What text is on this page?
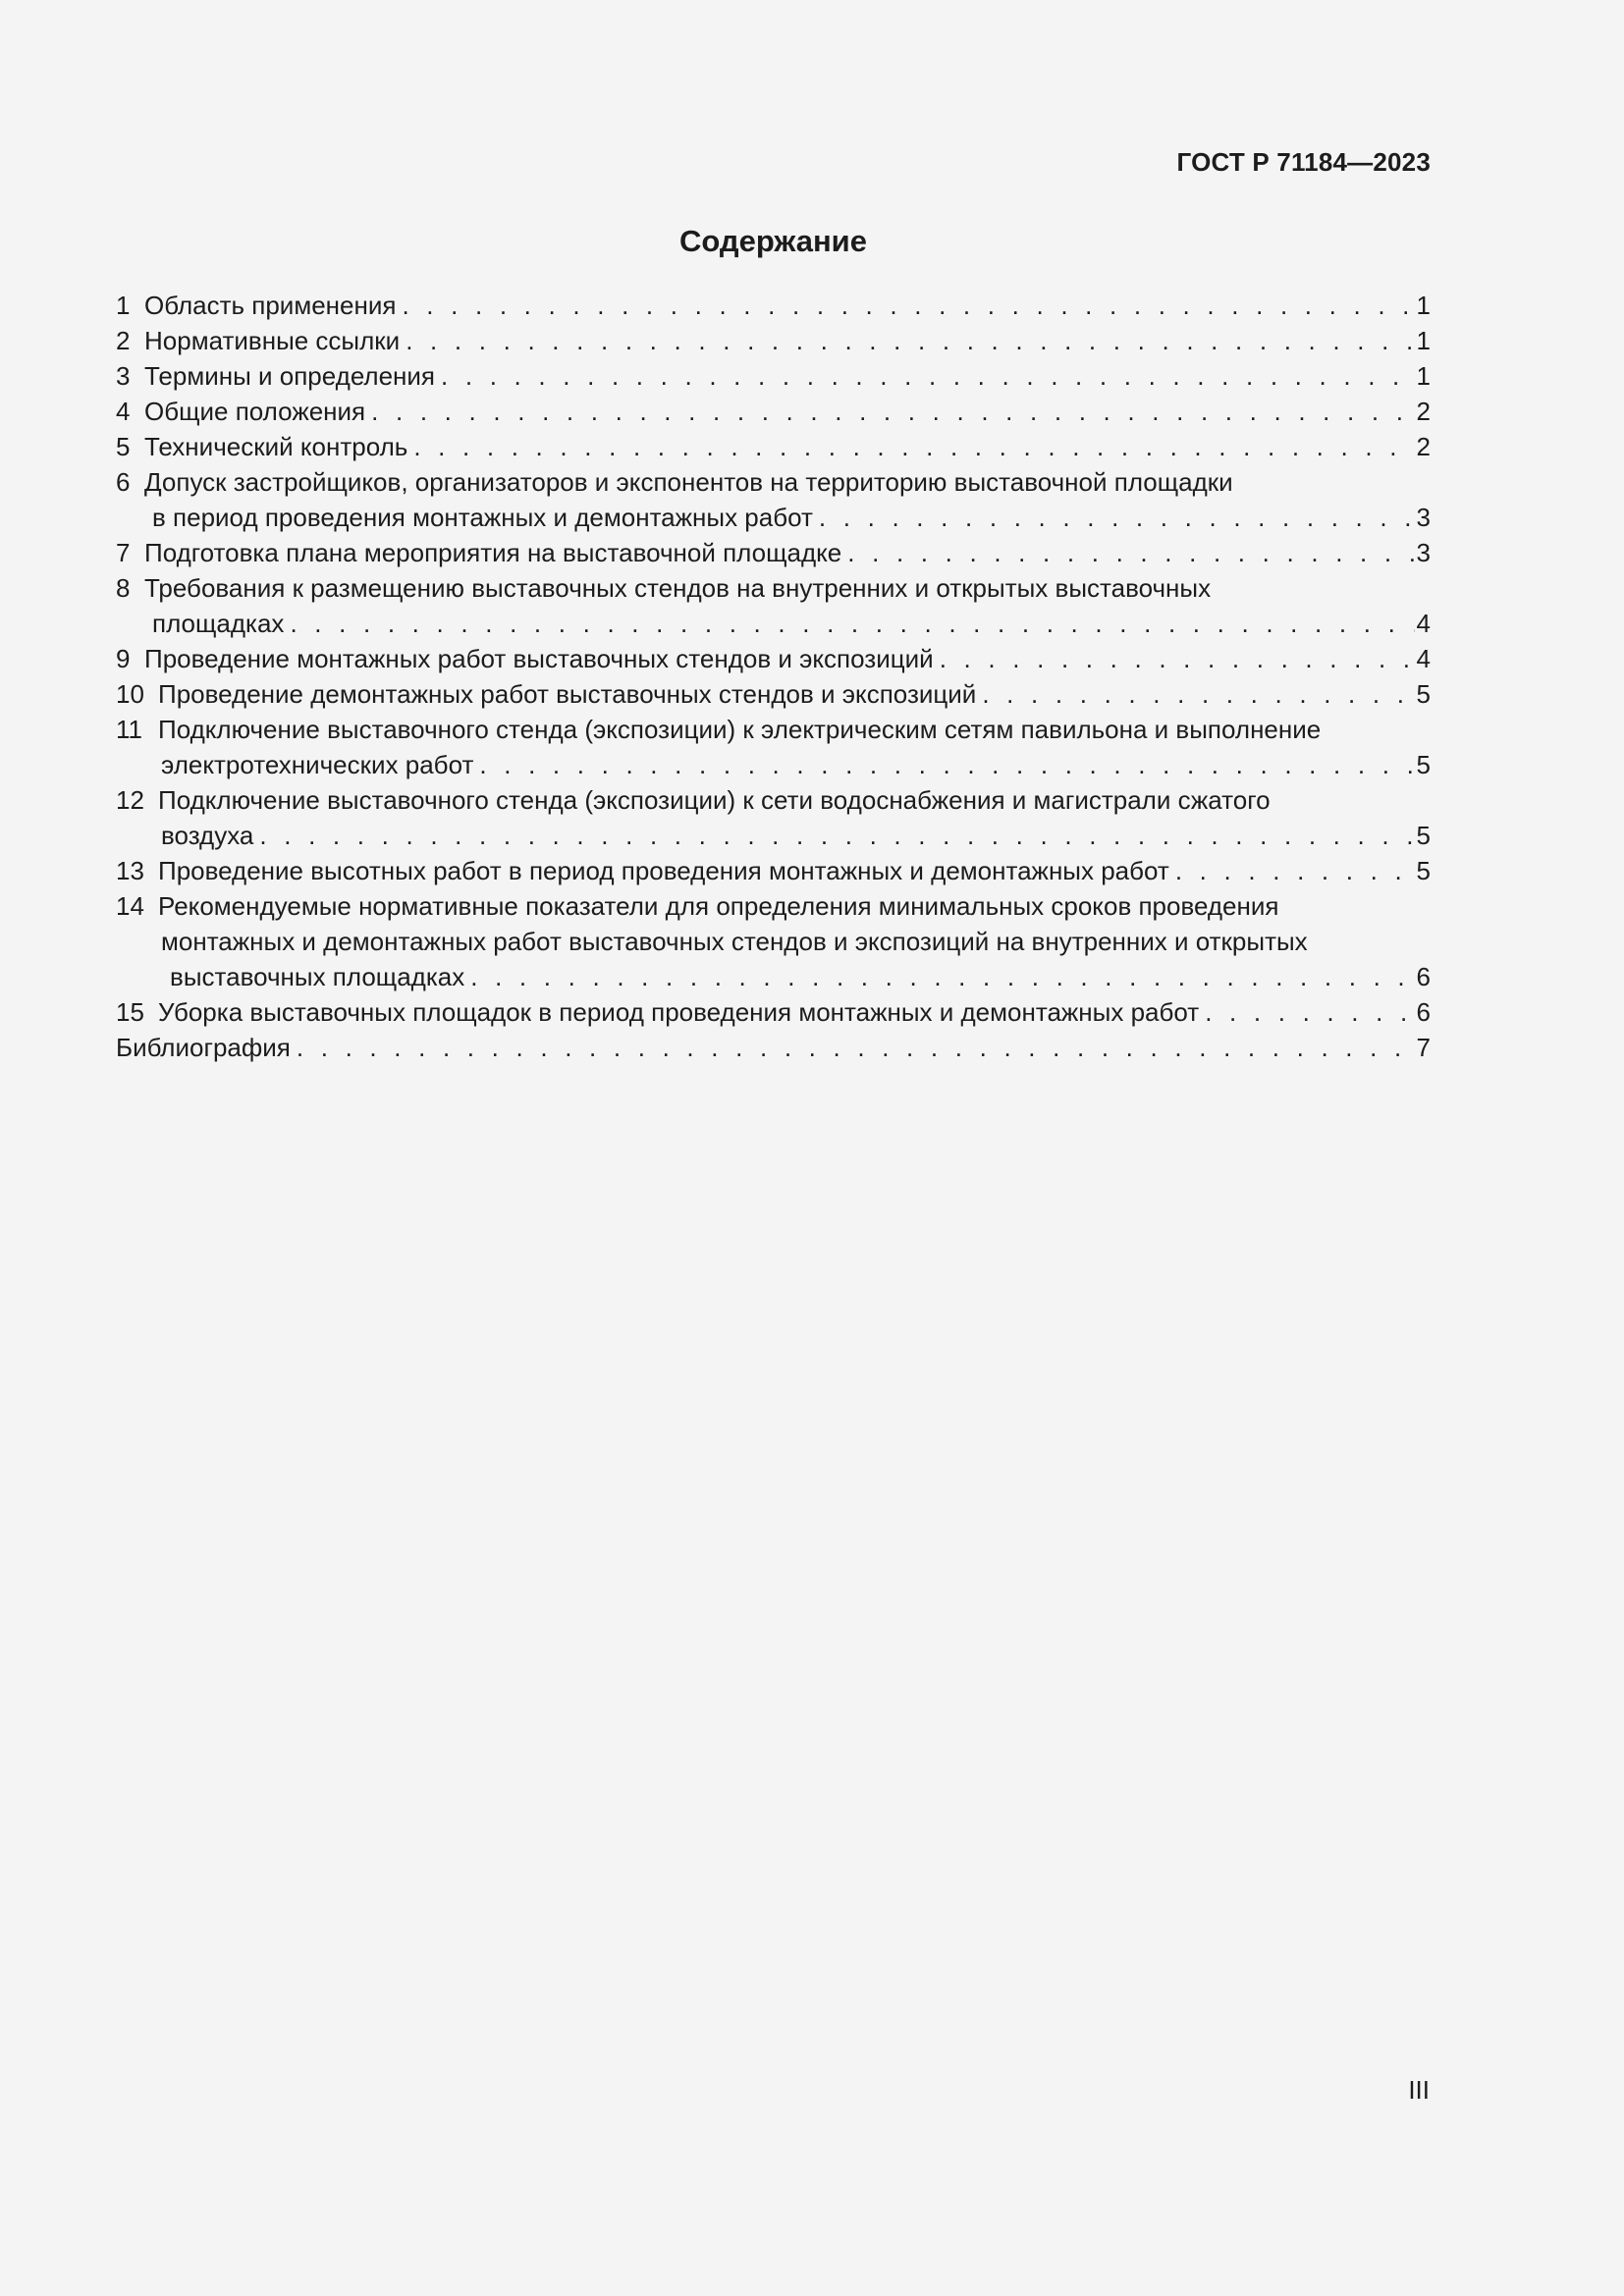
ГОСТ Р 71184—2023
Содержание
1 Область применения . . .	1
2 Нормативные ссылки . . .	1
3 Термины и определения . . .	1
4 Общие положения . . .	2
5 Технический контроль . . .	2
6 Допуск застройщиков, организаторов и экспонентов на территорию выставочной площадки
в период проведения монтажных и демонтажных работ . . .	3
7 Подготовка плана мероприятия на выставочной площадке . . .	3
8 Требования к размещению выставочных стендов на внутренних и открытых выставочных
площадках . . .	4
9 Проведение монтажных работ выставочных стендов и экспозиций . . .	4
10 Проведение демонтажных работ выставочных стендов и экспозиций . . .	5
11 Подключение выставочного стенда (экспозиции) к электрическим сетям павильона и выполнение
электротехнических работ . . .	5
12 Подключение выставочного стенда (экспозиции) к сети водоснабжения и магистрали сжатого
воздуха . . .	5
13 Проведение высотных работ в период проведения монтажных и демонтажных работ . . .	5
14 Рекомендуемые нормативные показатели для определения минимальных сроков проведения
монтажных и демонтажных работ выставочных стендов и экспозиций на внутренних и открытых
выставочных площадках . . .	6
15 Уборка выставочных площадок в период проведения монтажных и демонтажных работ . . .	6
Библиография . . .	7
III
